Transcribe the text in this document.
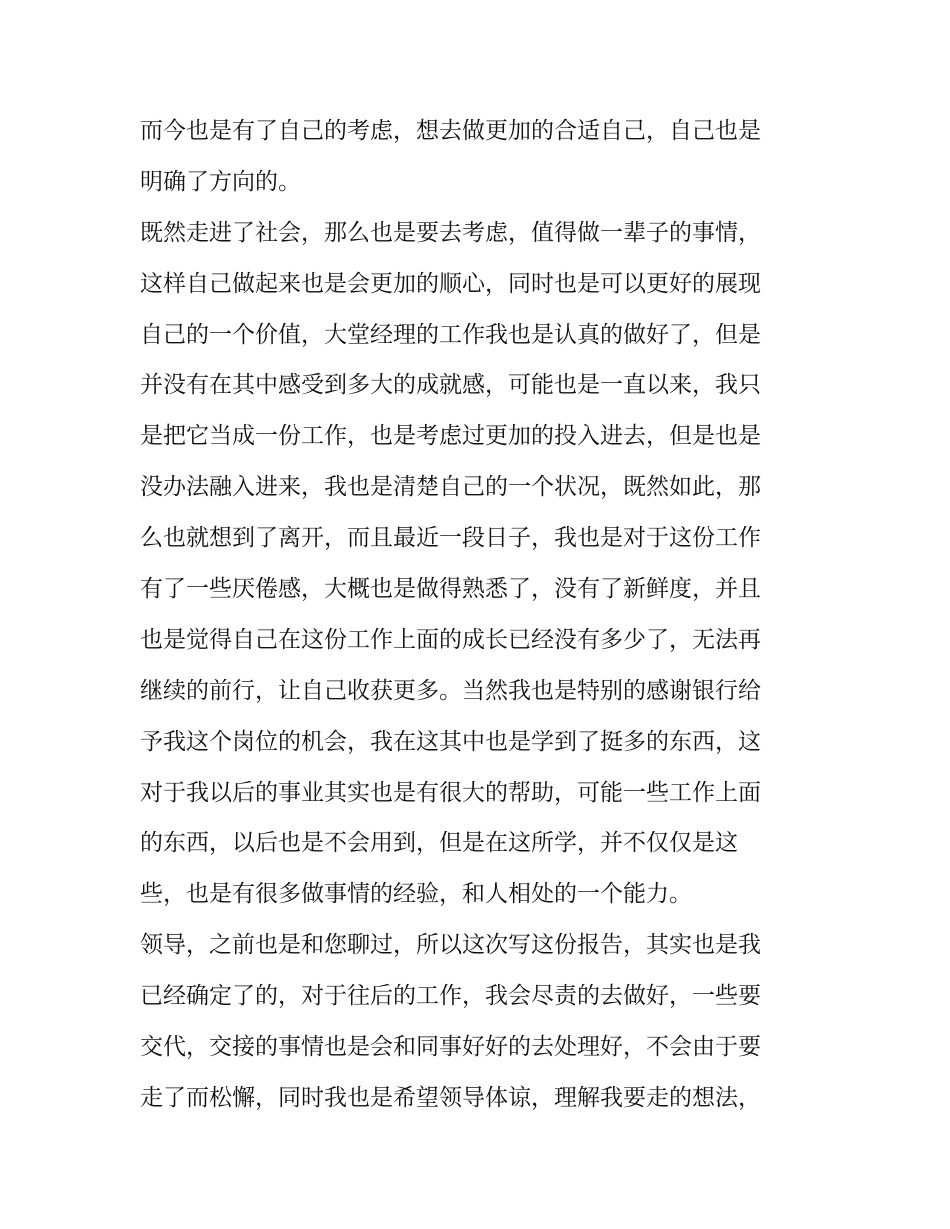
而今也是有了自己的考虑，想去做更加的合适自己，自己也是
明确了方向的。
既然走进了社会，那么也是要去考虑，值得做一辈子的事情，
这样自己做起来也是会更加的顺心，同时也是可以更好的展现
自己的一个价值，大堂经理的工作我也是认真的做好了，但是
并没有在其中感受到多大的成就感，可能也是一直以来，我只
是把它当成一份工作，也是考虑过更加的投入进去，但是也是
没办法融入进来，我也是清楚自己的一个状况，既然如此，那
么也就想到了离开，而且最近一段日子，我也是对于这份工作
有了一些厌倦感，大概也是做得熟悉了，没有了新鲜度，并且
也是觉得自己在这份工作上面的成长已经没有多少了，无法再
继续的前行，让自己收获更多。当然我也是特别的感谢银行给
予我这个岗位的机会，我在这其中也是学到了挺多的东西，这
对于我以后的事业其实也是有很大的帮助，可能一些工作上面
的东西，以后也是不会用到，但是在这所学，并不仅仅是这
些，也是有很多做事情的经验，和人相处的一个能力。
领导，之前也是和您聊过，所以这次写这份报告，其实也是我
已经确定了的，对于往后的工作，我会尽责的去做好，一些要
交代，交接的事情也是会和同事好好的去处理好，不会由于要
走了而松懈，同时我也是希望领导体谅，理解我要走的想法，
